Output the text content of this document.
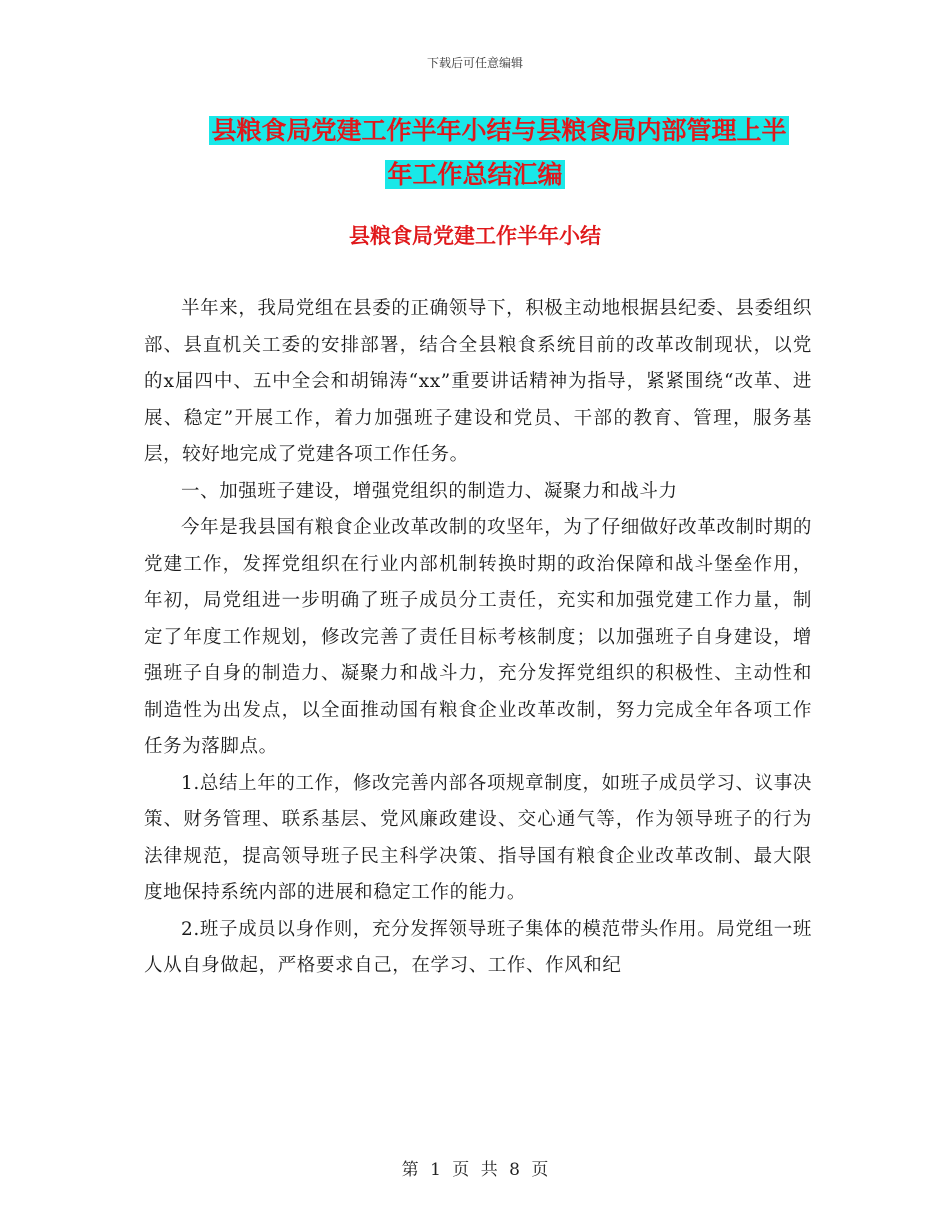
下载后可任意编辑
县粮食局党建工作半年小结与县粮食局内部管理上半
年工作总结汇编
县粮食局党建工作半年小结

半年来，我局党组在县委的正确领导下，积极主动地根据县纪委、县委组织部、县直机关工委的安排部署，结合全县粮食系统目前的改革改制现状，以党的x届四中、五中全会和胡锦涛“xx”重要讲话精神为指导，紧紧围绕“改革、进展、稳定”开展工作，着力加强班子建设和党员、干部的教育、管理，服务基层，较好地完成了党建各项工作任务。

一、加强班子建设，增强党组织的制造力、凝聚力和战斗力

今年是我县国有粮食企业改革改制的攻坚年，为了仔细做好改革改制时期的党建工作，发挥党组织在行业内部机制转换时期的政治保障和战斗堡垒作用，年初，局党组进一步明确了班子成员分工责任，充实和加强党建工作力量，制定了年度工作规划，修改完善了责任目标考核制度；以加强班子自身建设，增强班子自身的制造力、凝聚力和战斗力，充分发挥党组织的积极性、主动性和制造性为出发点，以全面推动国有粮食企业改革改制，努力完成全年各项工作任务为落脚点。

1.总结上年的工作，修改完善内部各项规章制度，如班子成员学习、议事决策、财务管理、联系基层、党风廉政建设、交心通气等，作为领导班子的行为法律规范，提高领导班子民主科学决策、指导国有粮食企业改革改制、最大限度地保持系统内部的进展和稳定工作的能力。

2.班子成员以身作则，充分发挥领导班子集体的模范带头作用。局党组一班人从自身做起，严格要求自己，在学习、工作、作风和纪

第 1 页 共 8 页
